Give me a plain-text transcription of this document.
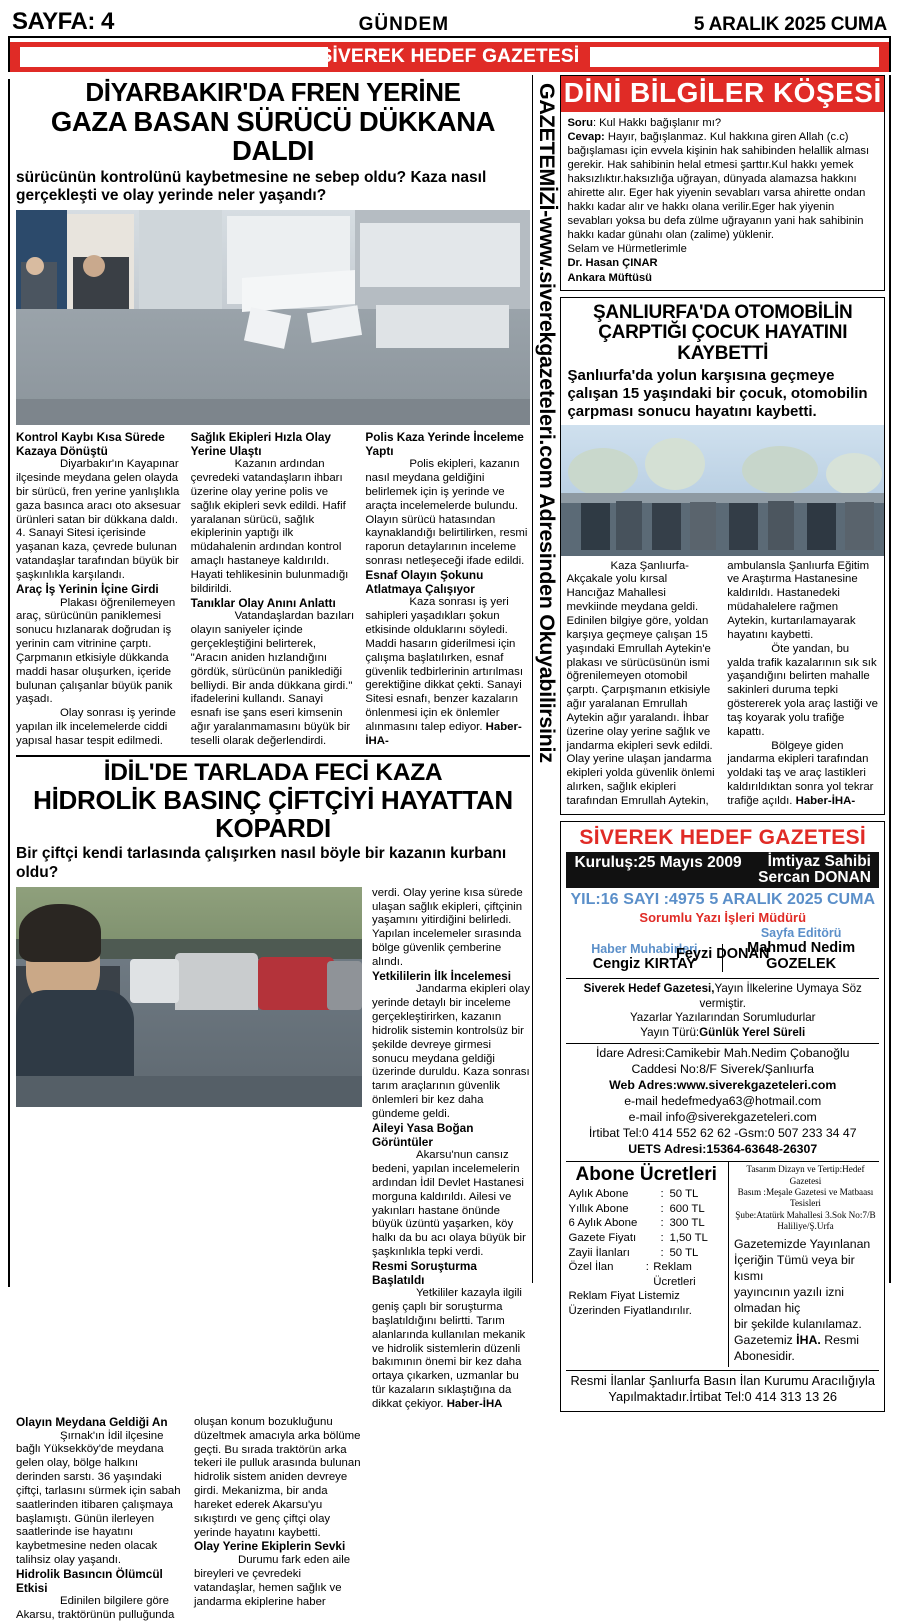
SAYFA: 4	GÜNDEM	5 ARALIK 2025 CUMA
SİVEREK HEDEF GAZETESİ
DİYARBAKIR'DA FREN YERİNE
GAZA BASAN SÜRÜCÜ DÜKKANA DALDI
sürücünün kontrolünü kaybetmesine ne sebep oldu? Kaza nasıl gerçekleşti ve olay yerinde neler yaşandı?
Kontrol Kaybı Kısa Sürede Kazaya Dönüştü

Diyarbakır'ın Kayapınar ilçesinde meydana gelen olayda bir sürücü, fren yerine yanlışlıkla gaza basınca aracı oto aksesuar ürünleri satan bir dükkana daldı. 4. Sanayi Sitesi içerisinde yaşanan kaza, çevrede bulunan vatandaşlar tarafından büyük bir şaşkınlıkla karşılandı.

Araç İş Yerinin İçine Girdi

Plakası öğrenilemeyen araç, sürücünün paniklemesi sonucu hızlanarak doğrudan iş yerinin cam vitrinine çarptı. Çarpmanın etkisiyle dükkanda maddi hasar oluşurken, içeride bulunan çalışanlar büyük panik yaşadı.

Olay sonrası iş yerinde yapılan ilk incelemelerde ciddi yapısal hasar tespit edilmedi.

Sağlık Ekipleri Hızla Olay Yerine Ulaştı

Kazanın ardından çevredeki vatandaşların ihbarı üzerine olay yerine polis ve sağlık ekipleri sevk edildi. Hafif yaralanan sürücü, sağlık ekiplerinin yaptığı ilk müdahalenin ardından kontrol amaçlı hastaneye kaldırıldı. Hayati tehlikesinin bulunmadığı bildirildi.

Tanıklar Olay Anını Anlattı

Vatandaşlardan bazıları olayın saniyeler içinde gerçekleştiğini belirterek, "Aracın aniden hızlandığını gördük, sürücünün paniklediği belliydi. Bir anda dükkana girdi." ifadelerini kullandı. Sanayi esnafı ise şans eseri kimsenin ağır yaralanmamasını büyük bir teselli olarak değerlendirdi.

Polis Kaza Yerinde İnceleme Yaptı

Polis ekipleri, kazanın nasıl meydana geldiğini belirlemek için iş yerinde ve araçta incelemelerde bulundu. Olayın sürücü hatasından kaynaklandığı belirtilirken, resmi raporun detaylarının inceleme sonrası netleşeceği ifade edildi.

Esnaf Olayın Şokunu Atlatmaya Çalışıyor

Kaza sonrası iş yeri sahipleri yaşadıkları şokun etkisinde olduklarını söyledi. Maddi hasarın giderilmesi için çalışma başlatılırken, esnaf güvenlik tedbirlerinin artırılması gerektiğine dikkat çekti. Sanayi Sitesi esnafı, benzer kazaların önlenmesi için ek önlemler alınmasını talep ediyor. Haber-İHA-

İDİL'DE TARLADA FECİ KAZA
HİDROLİK BASINÇ ÇİFTÇİYİ HAYATTAN KOPARDI
Bir çiftçi kendi tarlasında çalışırken nasıl böyle bir kazanın kurbanı oldu?

verdi. Olay yerine kısa sürede ulaşan sağlık ekipleri, çiftçinin yaşamını yitirdiğini belirledi. Yapılan incelemeler sırasında bölge güvenlik çemberine alındı.

Yetkililerin İlk İncelemesi

Jandarma ekipleri olay yerinde detaylı bir inceleme gerçekleştirirken, kazanın hidrolik sistemin kontrolsüz bir şekilde devreye girmesi sonucu meydana geldiği üzerinde duruldu. Kaza sonrası tarım araçlarının güvenlik önlemleri bir kez daha gündeme geldi.

Aileyi Yasa Boğan Görüntüler

Akarsu'nun cansız bedeni, yapılan incelemelerin ardından İdil Devlet Hastanesi morguna kaldırıldı. Ailesi ve yakınları hastane önünde büyük üzüntü yaşarken, köy halkı da bu acı olaya büyük bir şaşkınlıkla tepki verdi.

Resmi Soruşturma Başlatıldı

Yetkililer kazayla ilgili geniş çaplı bir soruşturma başlatıldığını belirtti. Tarım alanlarında kullanılan mekanik ve hidrolik sistemlerin düzenli bakımının önemi bir kez daha ortaya çıkarken, uzmanlar bu tür kazaların sıklaştığına da dikkat çekiyor. Haber-İHA

Olayın Meydana Geldiği An

Şırnak'ın İdil ilçesine bağlı Yüksekköy'de meydana gelen olay, bölge halkını derinden sarstı. 36 yaşındaki çiftçi, tarlasını sürmek için sabah saatlerinden itibaren çalışmaya başlamıştı. Günün ilerleyen saatlerinde ise hayatını kaybetmesine neden olacak talihsiz olay yaşandı.

Hidrolik Basıncın Ölümcül Etkisi

Edinilen bilgilere göre Akarsu, traktörünün pulluğunda

oluşan konum bozukluğunu düzeltmek amacıyla arka bölüme geçti. Bu sırada traktörün arka tekeri ile pulluk arasında bulunan hidrolik sistem aniden devreye girdi. Mekanizma, bir anda hareket ederek Akarsu'yu sıkıştırdı ve genç çiftçi olay yerinde hayatını kaybetti.

Olay Yerine Ekiplerin Sevki

Durumu fark eden aile bireyleri ve çevredeki vatandaşlar, hemen sağlık ve jandarma ekiplerine haber

GAZETEMİZİ-www.siverekgazeteleri.com Adresinden Okuyabilirsiniz DİNİ BİLGİLER KÖŞESİ
Soru: Kul Hakkı bağışlanır mı?
Cevap: Hayır, bağışlanmaz. Kul hakkına giren Allah (c.c) bağışlaması için evvela kişinin hak sahibinden helallik alması gerekir. Hak sahibinin helal etmesi şarttır.Kul hakkı yemek haksızlıktır.haksızlığa uğrayan, dünyada alamazsa hakkını ahirette alır. Eger hak yiyenin sevabları varsa ahirette ondan hakkı kadar alır ve hakkı olana verilir.Eger hak yiyenin sevabları yoksa bu defa zülme uğrayanın yani hak sahibinin hakkı kadar günahı olan (zalime) yüklenir.
Selam ve Hürmetlerimle
Dr. Hasan ÇINAR
Ankara Müftüsü
ŞANLIURFA'DA OTOMOBİLİN
ÇARPTIĞI ÇOCUK HAYATINI KAYBETTİ
Şanlıurfa'da yolun karşısına geçmeye çalışan 15 yaşındaki bir çocuk, otomobilin çarpması sonucu hayatını kaybetti.

Kaza Şanlıurfa-Akçakale yolu kırsal Hancığaz Mahallesi mevkiinde meydana geldi. Edinilen bilgiye göre, yoldan karşıya geçmeye çalışan 15 yaşındaki Emrullah Aytekin'e plakası ve sürücüsünün ismi öğrenilemeyen otomobil çarptı. Çarpışmanın etkisiyle ağır yaralanan Emrullah Aytekin ağır yaralandı. İhbar üzerine olay yerine sağlık ve jandarma ekipleri sevk edildi. Olay yerine ulaşan jandarma ekipleri yolda güvenlik önlemi alırken, sağlık ekipleri tarafından Emrullah Aytekin,

ambulansla Şanlıurfa Eğitim ve Araştırma Hastanesine kaldırıldı. Hastanedeki müdahalelere rağmen Aytekin, kurtarılamayarak hayatını kaybetti.

Öte yandan, bu yalda trafik kazalarının sık sık yaşandığını belirten mahalle sakinleri duruma tepki göstererek yola araç lastiği ve taş koyarak yolu trafiğe kapattı.

Bölgeye giden jandarma ekipleri tarafından yoldaki taş ve araç lastikleri kaldırıldıktan sonra yol tekrar trafiğe açıldı. Haber-İHA-

SİVEREK HEDEF GAZETESİ
Kuruluş:25 Mayıs 2009	İmtiyaz Sahibi
Sercan DONAN
YIL:16 SAYI :4975 5 ARALIK 2025 CUMA
Sorumlu Yazı İşleri Müdürü
Haber Muhabirleri
Cengiz KIRTAY
Sayfa Editörü
Mahmud Nedim GOZELEK
Feyzi DONAN
Siverek Hedef Gazetesi,Yayın İlkelerine Uymaya Söz vermiştir.
Yazarlar Yazılarından Sorumludurlar
Yayın Türü:Günlük Yerel Süreli
İdare Adresi:Camikebir Mah.Nedim Çobanoğlu
Caddesi No:8/F Siverek/Şanlıurfa
Web Adres:www.siverekgazeteleri.com
e-mail hedefmedya63@hotmail.com
e-mail info@siverekgazeteleri.com
İrtibat Tel:0 414 552 62 62 -Gsm:0 507 233 34 47
UETS Adresi:15364-63648-26307
Abone Ücretleri
Aylık Abone	: 50 TL
Yıllık Abone	: 600 TL
6 Aylık Abone	: 300 TL
Gazete Fiyatı	: 1,50 TL
Zayii İlanları	: 50 TL
Özel İlan	: Reklam Ücretleri
Reklam Fiyat Listemiz Üzerinden Fiyatlandırılır.
Tasarım Dizayn ve Tertip:Hedef Gazetesi
Basım :Meşale Gazetesi ve Matbaası Tesisleri
Şube:Atatürk Mahallesi 3.Sok No:7/B Haliliye/Ş.Urfa
Gazetemizde Yayınlanan
İçeriğin Tümü veya bir kısmı
yayıncının yazılı izni olmadan hiç
bir şekilde kulanılamaz.
Gazetemiz İHA. Resmi Abonesidir.
Resmi İlanlar Şanlıurfa Basın İlan Kurumu Aracılığıyla
Yapılmaktadır.İrtibat Tel:0 414 313 13 26
